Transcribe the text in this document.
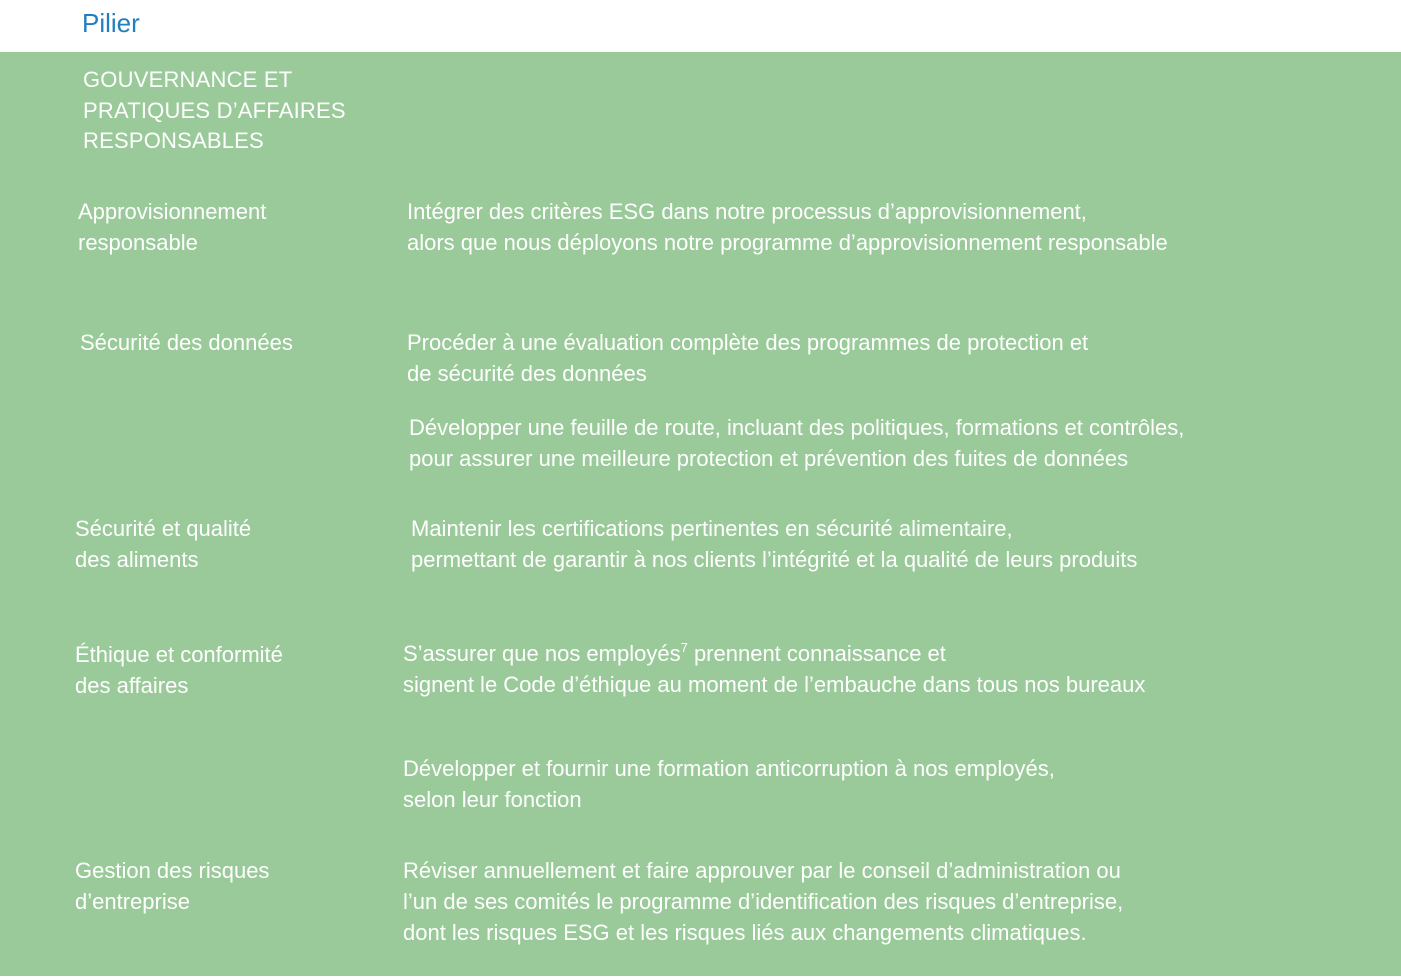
Pilier
GOUVERNANCE ET
PRATIQUES D’AFFAIRES
RESPONSABLES
Approvisionnement
responsable
Intégrer des critères ESG dans notre processus d’approvisionnement,
alors que nous déployons notre programme d’approvisionnement responsable
Sécurité des données	Procéder à une évaluation complète des programmes de protection et
de sécurité des données
Développer une feuille de route, incluant des politiques, formations et contrôles,
pour assurer une meilleure protection et prévention des fuites de données
Sécurité et qualité
des aliments
Maintenir les certifications pertinentes en sécurité alimentaire,
permettant de garantir à nos clients l’intégrité et la qualité de leurs produits
Éthique et conformité
des affaires
S’assurer que nos employés$^7$ prennent connaissance et
signent le Code d’éthique au moment de l’embauche dans tous nos bureaux
Développer et fournir une formation anticorruption à nos employés,
selon leur fonction
Gestion des risques
d’entreprise
Réviser annuellement et faire approuver par le conseil d’administration ou
l’un de ses comités le programme d’identification des risques d’entreprise,
dont les risques ESG et les risques liés aux changements climatiques.
